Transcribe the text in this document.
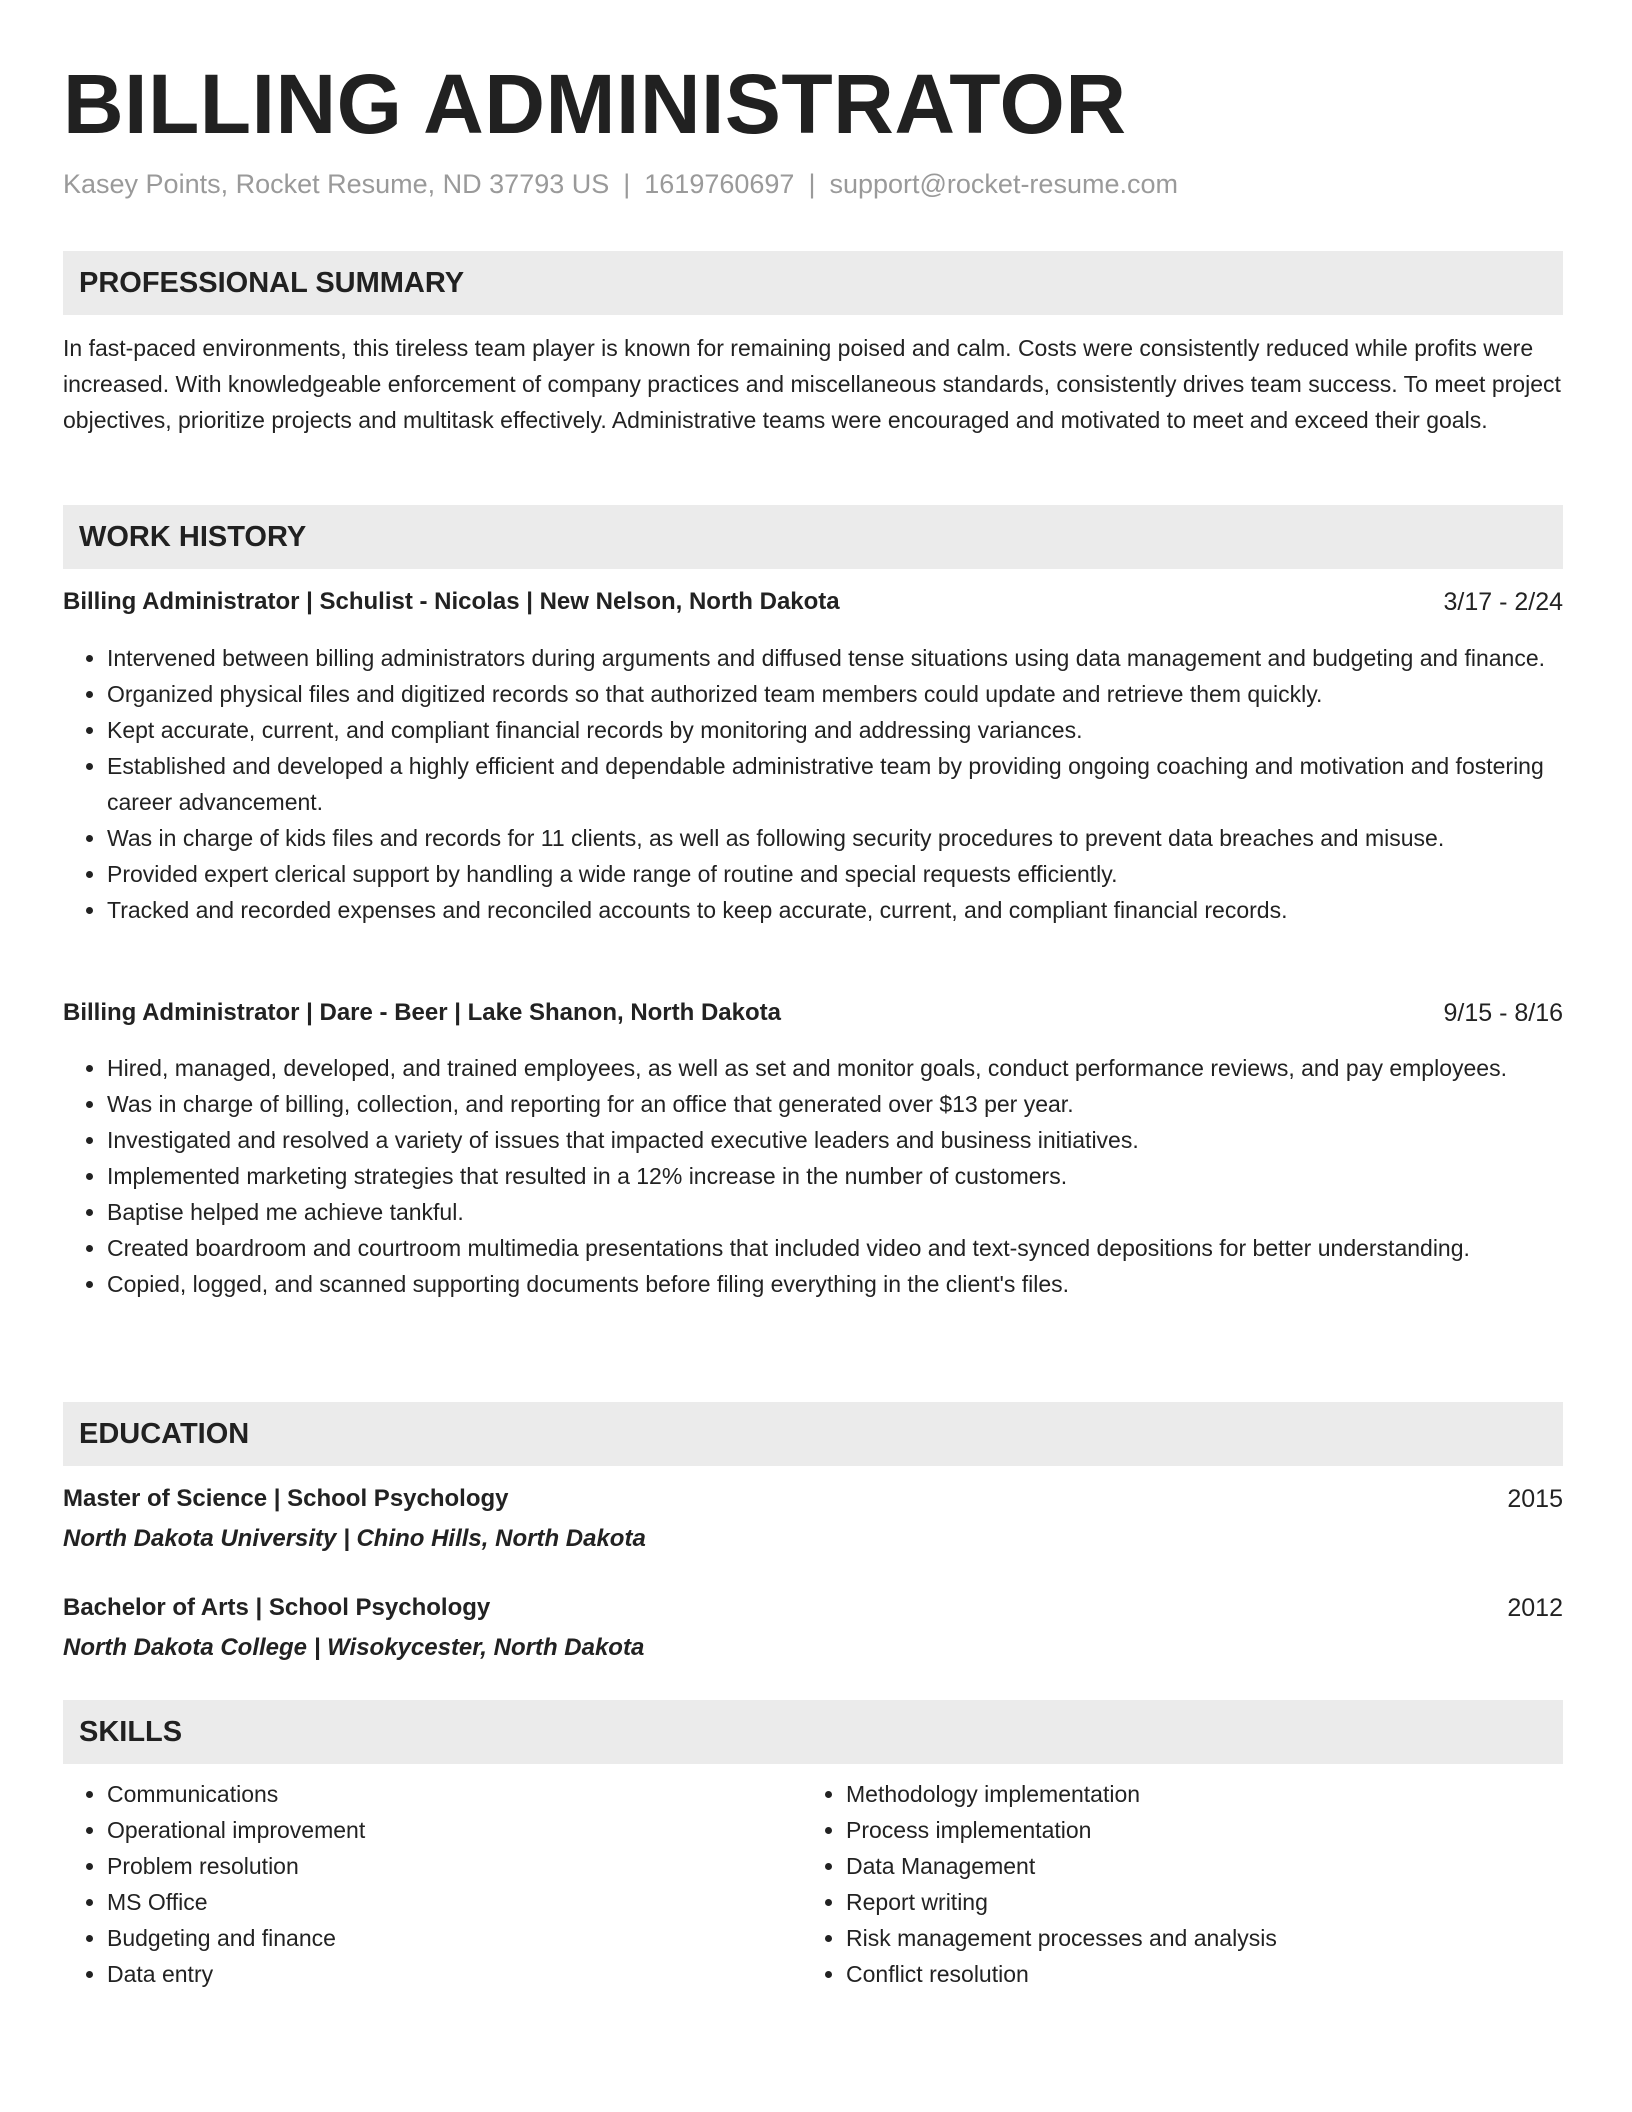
BILLING ADMINISTRATOR
Kasey Points, Rocket Resume, ND 37793 US | 1619760697 | support@rocket-resume.com
PROFESSIONAL SUMMARY
In fast-paced environments, this tireless team player is known for remaining poised and calm. Costs were consistently reduced while profits were increased. With knowledgeable enforcement of company practices and miscellaneous standards, consistently drives team success. To meet project objectives, prioritize projects and multitask effectively. Administrative teams were encouraged and motivated to meet and exceed their goals.
WORK HISTORY
Billing Administrator | Schulist - Nicolas | New Nelson, North Dakota	3/17 - 2/24
• Intervened between billing administrators during arguments and diffused tense situations using data management and budgeting and finance.
• Organized physical files and digitized records so that authorized team members could update and retrieve them quickly.
• Kept accurate, current, and compliant financial records by monitoring and addressing variances.
• Established and developed a highly efficient and dependable administrative team by providing ongoing coaching and motivation and fostering career advancement.
• Was in charge of kids files and records for 11 clients, as well as following security procedures to prevent data breaches and misuse.
• Provided expert clerical support by handling a wide range of routine and special requests efficiently.
• Tracked and recorded expenses and reconciled accounts to keep accurate, current, and compliant financial records.
Billing Administrator | Dare - Beer | Lake Shanon, North Dakota	9/15 - 8/16
• Hired, managed, developed, and trained employees, as well as set and monitor goals, conduct performance reviews, and pay employees.
• Was in charge of billing, collection, and reporting for an office that generated over $13 per year.
• Investigated and resolved a variety of issues that impacted executive leaders and business initiatives.
• Implemented marketing strategies that resulted in a 12% increase in the number of customers.
• Baptise helped me achieve tankful.
• Created boardroom and courtroom multimedia presentations that included video and text-synced depositions for better understanding.
• Copied, logged, and scanned supporting documents before filing everything in the client's files.
EDUCATION
Master of Science | School Psychology	2015
North Dakota University | Chino Hills, North Dakota
Bachelor of Arts | School Psychology	2012
North Dakota College | Wisokycester, North Dakota
SKILLS
• Communications
• Operational improvement
• Problem resolution
• MS Office
• Budgeting and finance
• Data entry
• Methodology implementation
• Process implementation
• Data Management
• Report writing
• Risk management processes and analysis
• Conflict resolution
